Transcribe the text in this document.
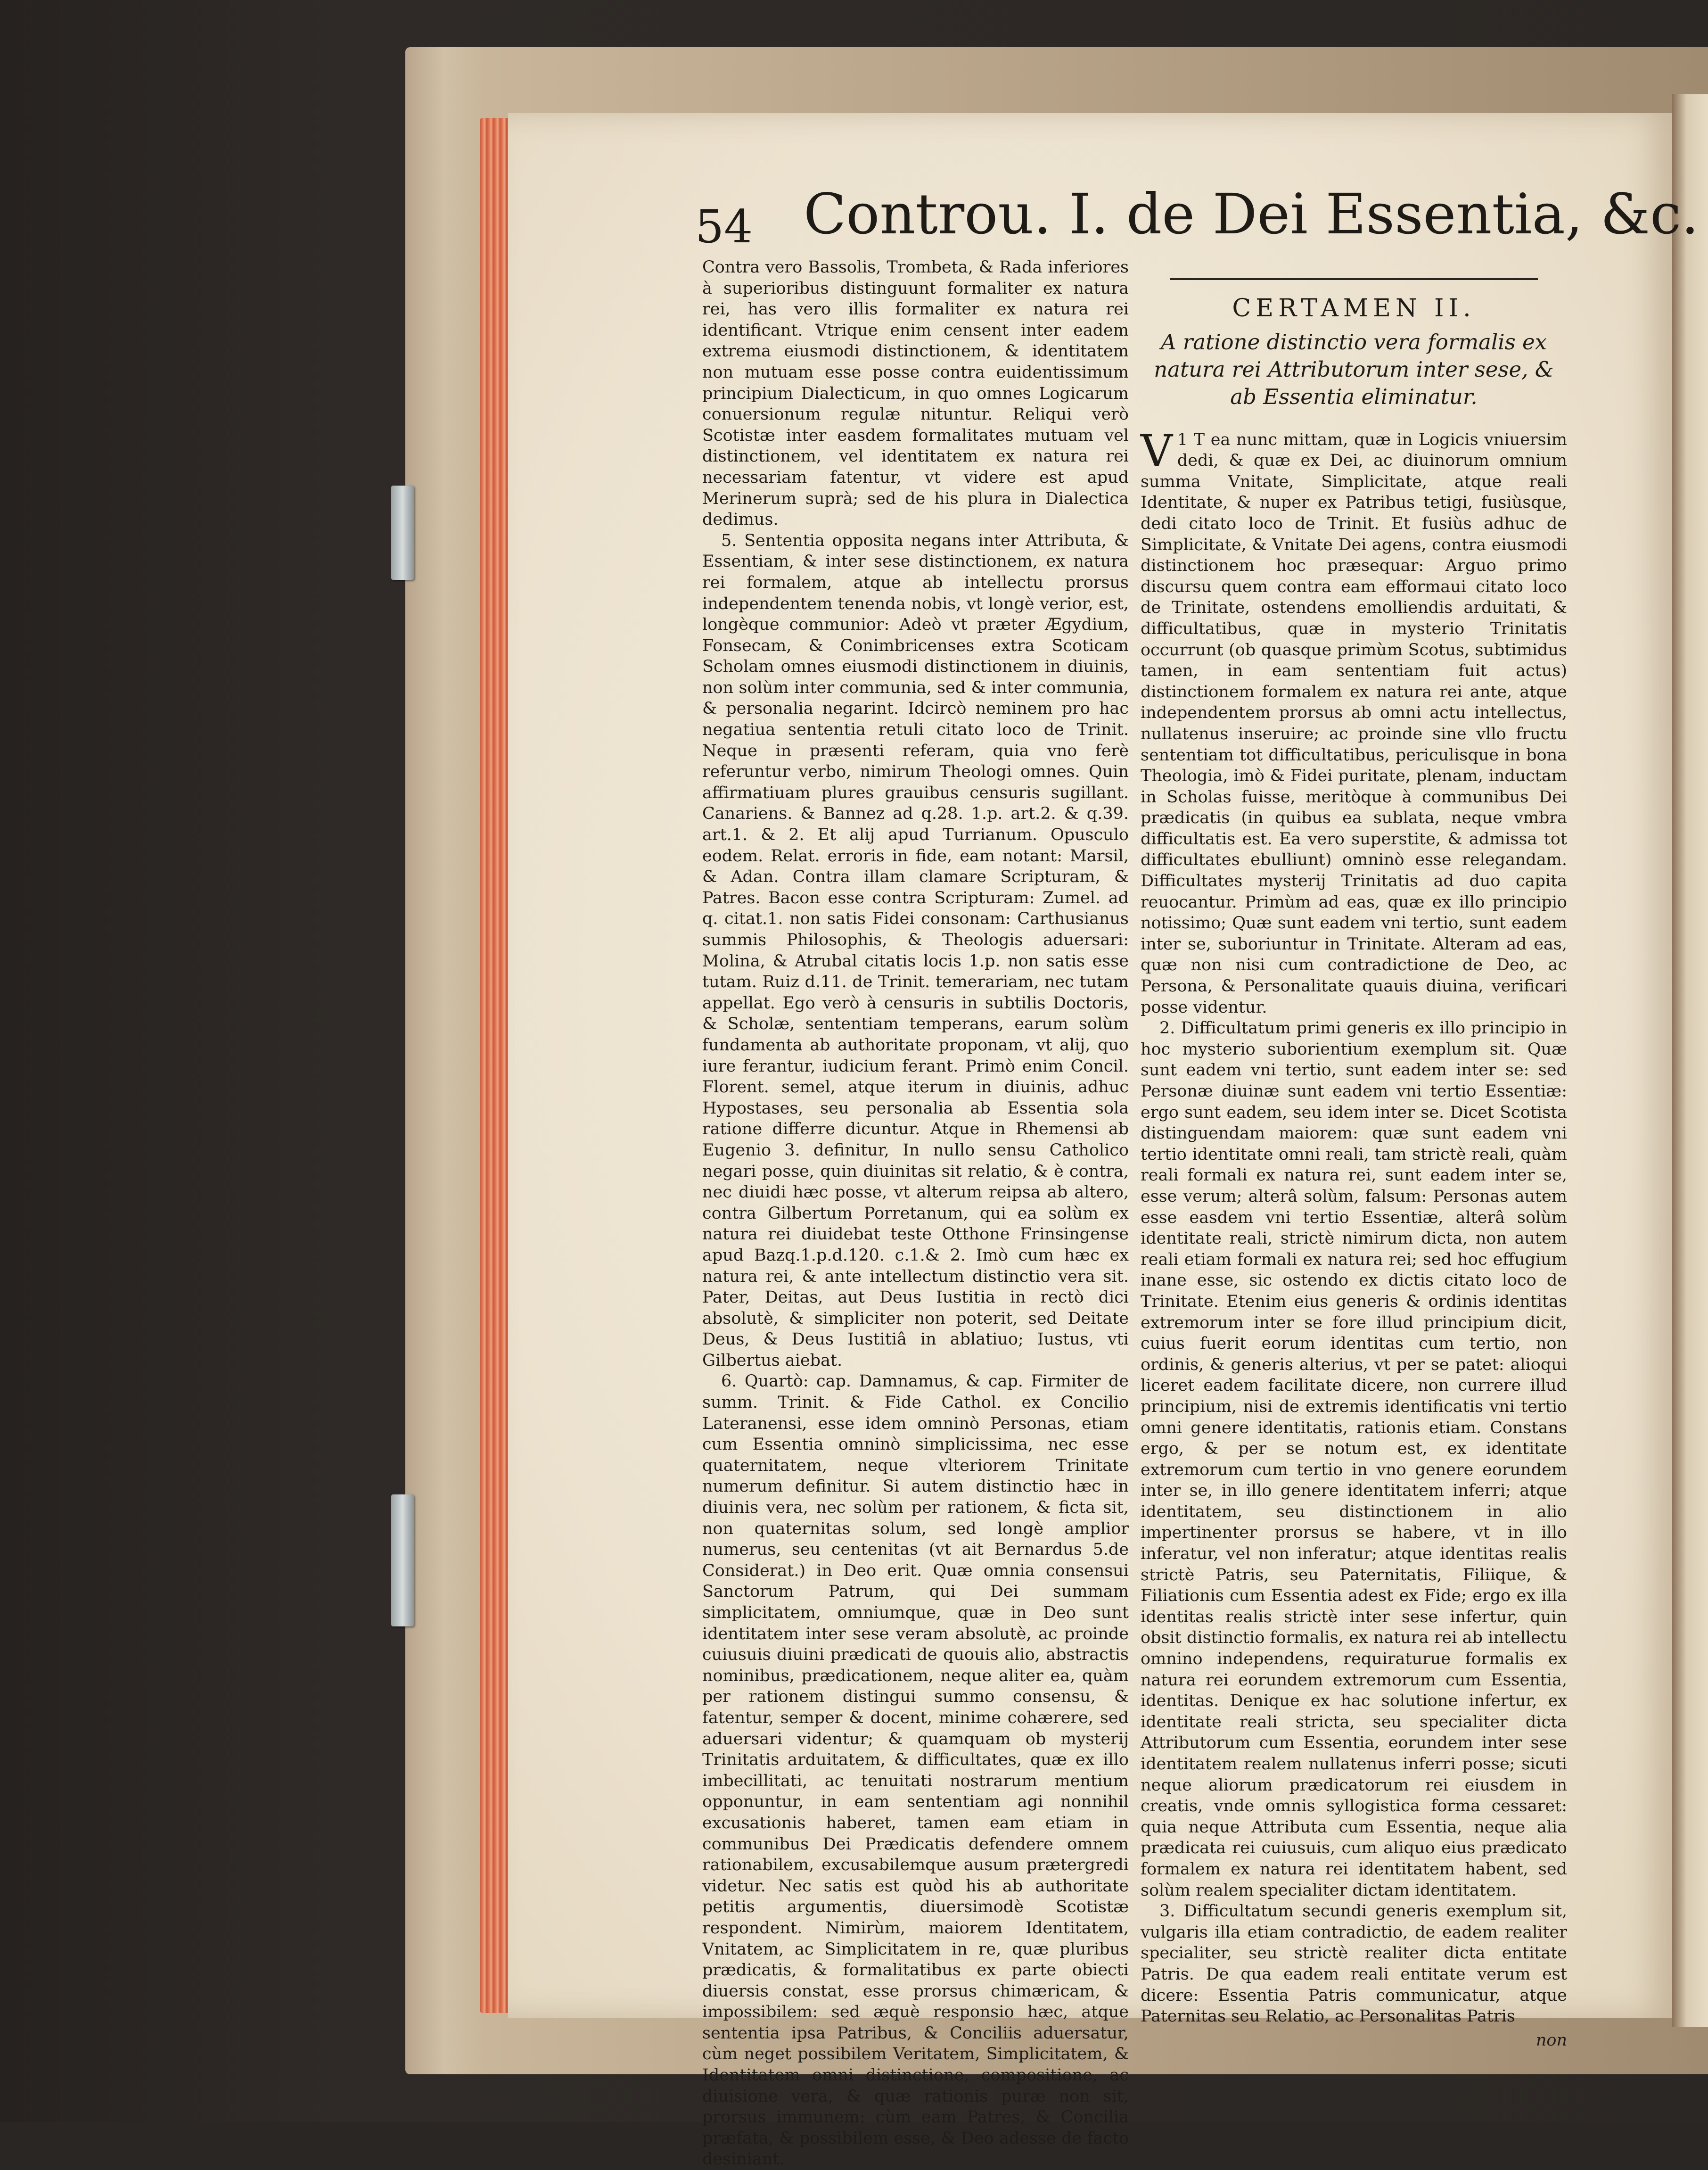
54 Controu. I. de Dei Essentia, &c.

Contra vero Bassolis, Trombeta, & Rada inferiores à superioribus distinguunt formaliter ex natura rei, has vero illis formaliter ex natura rei identificant. Vtrique enim censent inter eadem extrema eiusmodi distinctionem, & identitatem non mutuam esse posse contra euidentissimum principium Dialecticum, in quo omnes Logicarum conuersionum regulæ nituntur. Reliqui verò Scotistæ inter easdem formalitates mutuam vel distinctionem, vel identitatem ex natura rei necessariam fatentur, vt videre est apud Merinerum suprà; sed de his plura in Dialectica dedimus.

5. Sententia opposita negans inter Attributa, & Essentiam, & inter sese distinctionem, ex natura rei formalem, atque ab intellectu prorsus independentem tenenda nobis, vt longè verior, est, longèque communior: Adeò vt præter Ægydium, Fonsecam, & Conimbricenses extra Scoticam Scholam omnes eiusmodi distinctionem in diuinis, non solùm inter communia, sed & inter communia, & personalia negarint. Idcircò neminem pro hac negatiua sententia retuli citato loco de Trinit. Neque in præsenti referam, quia vno ferè referuntur verbo, nimirum Theologi omnes. Quin affirmatiuam plures grauibus censuris sugillant. Canariens. & Bannez ad q.28. 1.p. art.2. & q.39. art.1. & 2. Et alij apud Turrianum. Opusculo eodem. Relat. erroris in fide, eam notant: Marsil, & Adan. Contra illam clamare Scripturam, & Patres. Bacon esse contra Scripturam: Zumel. ad q. citat.1. non satis Fidei consonam: Carthusianus summis Philosophis, & Theologis aduersari: Molina, & Atrubal citatis locis 1.p. non satis esse tutam. Ruiz d.11. de Trinit. temerariam, nec tutam appellat. Ego verò à censuris in subtilis Doctoris, & Scholæ, sententiam temperans, earum solùm fundamenta ab authoritate proponam, vt alij, quo iure ferantur, iudicium ferant. Primò enim Concil. Florent. semel, atque iterum in diuinis, adhuc Hypostases, seu personalia ab Essentia sola ratione differre dicuntur. Atque in Rhemensi ab Eugenio 3. definitur, In nullo sensu Catholico negari posse, quin diuinitas sit relatio, & è contra, nec diuidi hæc posse, vt alterum reipsa ab altero, contra Gilbertum Porretanum, qui ea solùm ex natura rei diuidebat teste Otthone Frinsingense apud Bazq.1.p.d.120. c.1.& 2. Imò cum hæc ex natura rei, & ante intellectum distinctio vera sit. Pater, Deitas, aut Deus Iustitia in rectò dici absolutè, & simpliciter non poterit, sed Deitate Deus, & Deus Iustitiâ in ablatiuo; Iustus, vti Gilbertus aiebat.

6. Quartò: cap. Damnamus, & cap. Firmiter de summ. Trinit. & Fide Cathol. ex Concilio Lateranensi, esse idem omninò Personas, etiam cum Essentia omninò simplicissima, nec esse quaternitatem, neque vlteriorem Trinitate numerum definitur. Si autem distinctio hæc in diuinis vera, nec solùm per rationem, & ficta sit, non quaternitas solum, sed longè amplior numerus, seu centenitas (vt ait Bernardus 5.de Considerat.) in Deo erit. Quæ omnia consensui Sanctorum Patrum, qui Dei summam simplicitatem, omniumque, quæ in Deo sunt identitatem inter sese veram absolutè, ac proinde cuiusuis diuini prædicati de quouis alio, abstractis nominibus, prædicationem, neque aliter ea, quàm per rationem distingui summo consensu, & fatentur, semper & docent, minime cohærere, sed aduersari videntur; & quamquam ob mysterij Trinitatis arduitatem, & difficultates, quæ ex illo imbecillitati, ac tenuitati nostrarum mentium opponuntur, in eam sententiam agi nonnihil excusationis haberet, tamen eam etiam in communibus Dei Prædicatis defendere omnem rationabilem, excusabilemque ausum prætergredi videtur. Nec satis est quòd his ab authoritate petitis argumentis, diuersimodè Scotistæ respondent. Nimirùm, maiorem Identitatem, Vnitatem, ac Simplicitatem in re, quæ pluribus prædicatis, & formalitatibus ex parte obiecti diuersis constat, esse prorsus chimæricam, & impossibilem: sed æquè responsio hæc, atque sententia ipsa Patribus, & Conciliis aduersatur, cùm neget possibilem Veritatem, Simplicitatem, & Identitatem omni distinctione, compositione, ac diuisione vera, & quæ rationis puræ non sit, prorsus immunem: cùm eam Patres, & Concilia præfata, & possibilem esse, & Deo adesse de facto desiniant.

CERTAMEN II.
A ratione distinctio vera formalis ex natura rei Attributorum inter sese, & ab Essentia eliminatur.

1
V T ea nunc mittam, quæ in Logicis vniuersim dedi, & quæ ex Dei, ac diuinorum omnium summa Vnitate, Simplicitate, atque reali Identitate, & nuper ex Patribus tetigi, fusiùsque, dedi citato loco de Trinit. Et fusiùs adhuc de Simplicitate, & Vnitate Dei agens, contra eiusmodi distinctionem hoc præsequar: Arguo primo discursu quem contra eam efformaui citato loco de Trinitate, ostendens emolliendis arduitati, & difficultatibus, quæ in mysterio Trinitatis occurrunt (ob quasque primùm Scotus, subtimidus tamen, in eam sententiam fuit actus) distinctionem formalem ex natura rei ante, atque independentem prorsus ab omni actu intellectus, nullatenus inseruire; ac proinde sine vllo fructu sententiam tot difficultatibus, periculisque in bona Theologia, imò & Fidei puritate, plenam, inductam in Scholas fuisse, meritòque à communibus Dei prædicatis (in quibus ea sublata, neque vmbra difficultatis est. Ea vero superstite, & admissa tot difficultates ebulliunt) omninò esse relegandam. Difficultates mysterij Trinitatis ad duo capita reuocantur. Primùm ad eas, quæ ex illo principio notissimo; Quæ sunt eadem vni tertio, sunt eadem inter se, suboriuntur in Trinitate. Alteram ad eas, quæ non nisi cum contradictione de Deo, ac Persona, & Personalitate quauis diuina, verificari posse videntur.

2. Difficultatum primi generis ex illo principio in hoc mysterio suborientium exemplum sit. Quæ sunt eadem vni tertio, sunt eadem inter se: sed Personæ diuinæ sunt eadem vni tertio Essentiæ: ergo sunt eadem, seu idem inter se. Dicet Scotista distinguendam maiorem: quæ sunt eadem vni tertio identitate omni reali, tam strictè reali, quàm reali formali ex natura rei, sunt eadem inter se, esse verum; alterâ solùm, falsum: Personas autem esse easdem vni tertio Essentiæ, alterâ solùm identitate reali, strictè nimirum dicta, non autem reali etiam formali ex natura rei; sed hoc effugium inane esse, sic ostendo ex dictis citato loco de Trinitate. Etenim eius generis & ordinis identitas extremorum inter se fore illud principium dicit, cuius fuerit eorum identitas cum tertio, non ordinis, & generis alterius, vt per se patet: alioqui liceret eadem facilitate dicere, non currere illud principium, nisi de extremis identificatis vni tertio omni genere identitatis, rationis etiam. Constans ergo, & per se notum est, ex identitate extremorum cum tertio in vno genere eorundem inter se, in illo genere identitatem inferri; atque identitatem, seu distinctionem in alio impertinenter prorsus se habere, vt in illo inferatur, vel non inferatur; atque identitas realis strictè Patris, seu Paternitatis, Filiique, & Filiationis cum Essentia adest ex Fide; ergo ex illa identitas realis strictè inter sese infertur, quin obsit distinctio formalis, ex natura rei ab intellectu omnino independens, requiraturue formalis ex natura rei eorundem extremorum cum Essentia, identitas. Denique ex hac solutione infertur, ex identitate reali stricta, seu specialiter dicta Attributorum cum Essentia, eorundem inter sese identitatem realem nullatenus inferri posse; sicuti neque aliorum prædicatorum rei eiusdem in creatis, vnde omnis syllogistica forma cessaret: quia neque Attributa cum Essentia, neque alia prædicata rei cuiusuis, cum aliquo eius prædicato formalem ex natura rei identitatem habent, sed solùm realem specialiter dictam identitatem.

3. Difficultatum secundi generis exemplum sit, vulgaris illa etiam contradictio, de eadem realiter specialiter, seu strictè realiter dicta entitate Patris. De qua eadem reali entitate verum est dicere: Essentia Patris communicatur, atque Paternitas seu Relatio, ac Personalitas Patris

non
